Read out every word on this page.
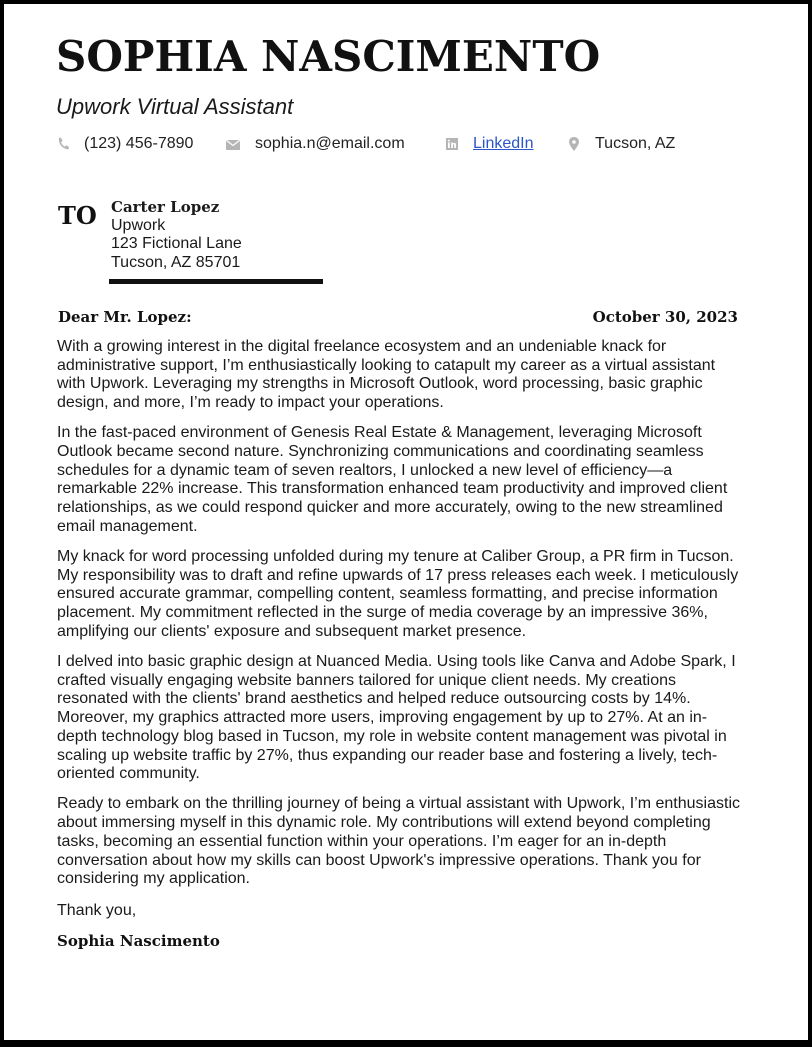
SOPHIA NASCIMENTO
Upwork Virtual Assistant
(123) 456-7890	sophia.n@email.com	LinkedIn	Tucson, AZ
TO Carter Lopez
Upwork
123 Fictional Lane
Tucson, AZ 85701
Dear Mr. Lopez:	October 30, 2023

With a growing interest in the digital freelance ecosystem and an undeniable knack for administrative support, I’m enthusiastically looking to catapult my career as a virtual assistant with Upwork. Leveraging my strengths in Microsoft Outlook, word processing, basic graphic design, and more, I’m ready to impact your operations.

In the fast-paced environment of Genesis Real Estate & Management, leveraging Microsoft Outlook became second nature. Synchronizing communications and coordinating seamless schedules for a dynamic team of seven realtors, I unlocked a new level of efficiency—a remarkable 22% increase. This transformation enhanced team productivity and improved client relationships, as we could respond quicker and more accurately, owing to the new streamlined email management.

My knack for word processing unfolded during my tenure at Caliber Group, a PR firm in Tucson. My responsibility was to draft and refine upwards of 17 press releases each week. I meticulously ensured accurate grammar, compelling content, seamless formatting, and precise information placement. My commitment reflected in the surge of media coverage by an impressive 36%, amplifying our clients' exposure and subsequent market presence.

I delved into basic graphic design at Nuanced Media. Using tools like Canva and Adobe Spark, I crafted visually engaging website banners tailored for unique client needs. My creations resonated with the clients' brand aesthetics and helped reduce outsourcing costs by 14%. Moreover, my graphics attracted more users, improving engagement by up to 27%. At an in-depth technology blog based in Tucson, my role in website content management was pivotal in scaling up website traffic by 27%, thus expanding our reader base and fostering a lively, tech-oriented community.

Ready to embark on the thrilling journey of being a virtual assistant with Upwork, I’m enthusiastic about immersing myself in this dynamic role. My contributions will extend beyond completing tasks, becoming an essential function within your operations. I’m eager for an in-depth conversation about how my skills can boost Upwork's impressive operations. Thank you for considering my application.

Thank you,
Sophia Nascimento
